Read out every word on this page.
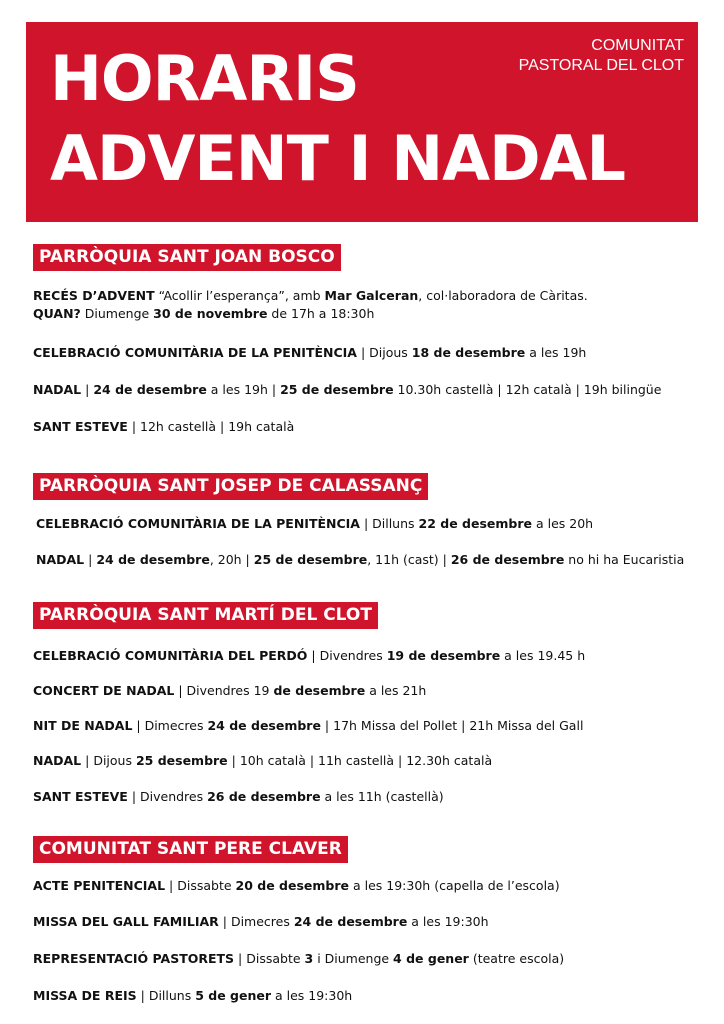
HORARIS
ADVENT I NADAL
COMUNITAT
PASTORAL DEL CLOT
PARRÒQUIA SANT JOAN BOSCO
RECÉS D’ADVENT “Acollir l’esperança”, amb Mar Galceran, col·laboradora de Càritas.
QUAN? Diumenge 30 de novembre de 17h a 18:30h
CELEBRACIÓ COMUNITÀRIA DE LA PENITÈNCIA | Dijous 18 de desembre a les 19h
NADAL | 24 de desembre a les 19h | 25 de desembre 10.30h castellà | 12h català | 19h bilingüe
SANT ESTEVE | 12h castellà | 19h català
PARRÒQUIA SANT JOSEP DE CALASSANÇ
CELEBRACIÓ COMUNITÀRIA DE LA PENITÈNCIA | Dilluns 22 de desembre a les 20h
NADAL | 24 de desembre, 20h | 25 de desembre, 11h (cast) | 26 de desembre no hi ha Eucaristia
PARRÒQUIA SANT MARTÍ DEL CLOT
CELEBRACIÓ COMUNITÀRIA DEL PERDÓ | Divendres 19 de desembre a les 19.45 h
CONCERT DE NADAL | Divendres 19 de desembre a les 21h
NIT DE NADAL | Dimecres 24 de desembre | 17h Missa del Pollet | 21h Missa del Gall
NADAL | Dijous 25 desembre | 10h català | 11h castellà | 12.30h català
SANT ESTEVE | Divendres 26 de desembre a les 11h (castellà)
COMUNITAT SANT PERE CLAVER
ACTE PENITENCIAL | Dissabte 20 de desembre a les 19:30h (capella de l’escola)
MISSA DEL GALL FAMILIAR | Dimecres 24 de desembre a les 19:30h
REPRESENTACIÓ PASTORETS | Dissabte 3 i Diumenge 4 de gener (teatre escola)
MISSA DE REIS | Dilluns 5 de gener a les 19:30h
